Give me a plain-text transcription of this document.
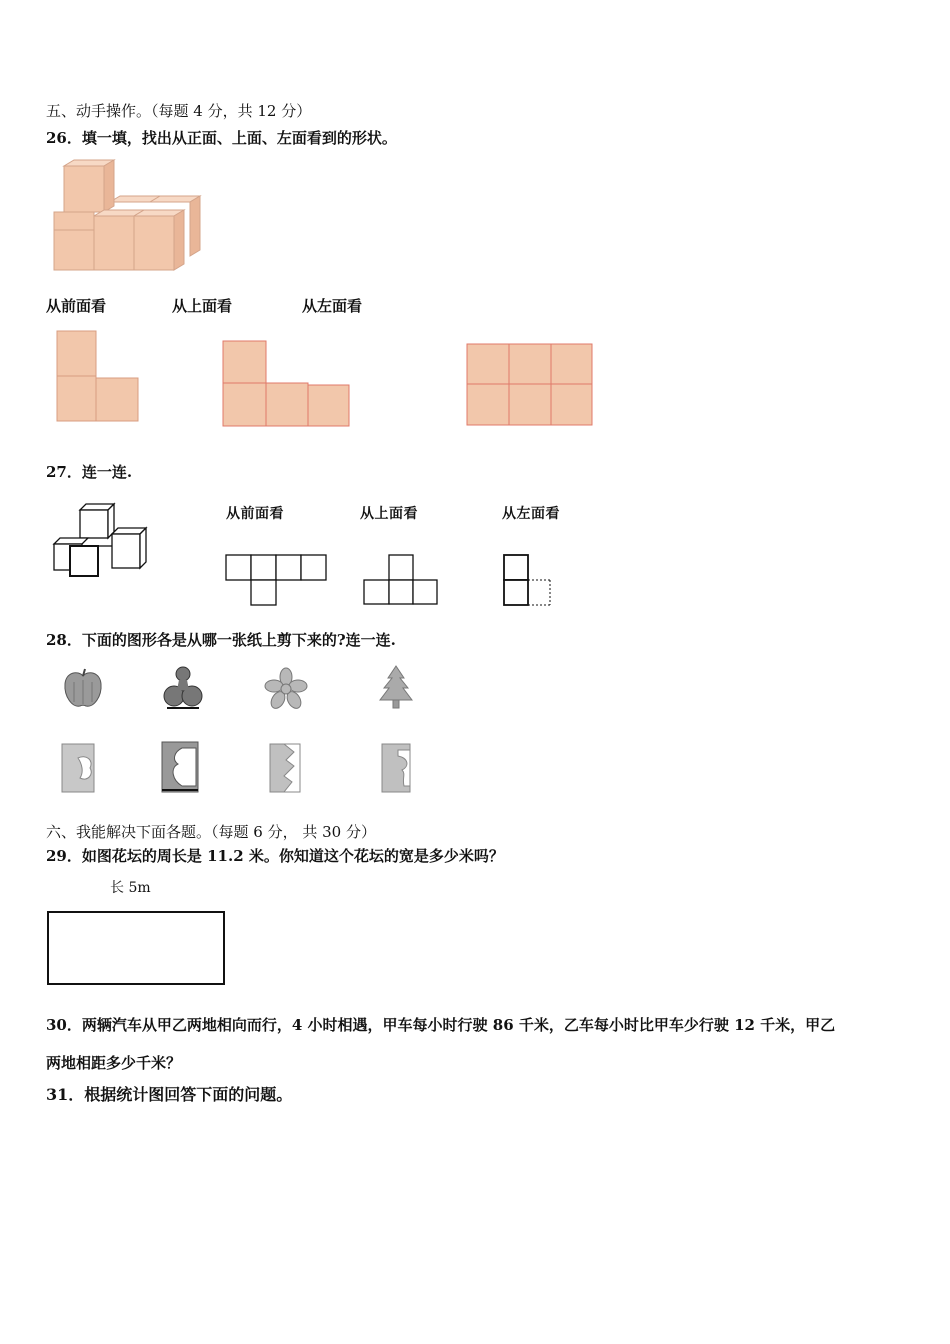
五、动手操作。（每题 4 分，共 12 分）
26．填一填，找出从正面、上面、左面看到的形状。
从前面看	从上面看	从左面看
27．连一连.
从前面看	从上面看	从左面看
28．下面的图形各是从哪一张纸上剪下来的?连一连.
六、我能解决下面各题。（每题 6 分， 共 30 分）
29．如图花坛的周长是 11.2 米。你知道这个花坛的宽是多少米吗？
长 5m
30．两辆汽车从甲乙两地相向而行，4 小时相遇，甲车每小时行驶 86 千米，乙车每小时比甲车少行驶 12 千米，甲乙
两地相距多少千米？
31．根据统计图回答下面的问题。
